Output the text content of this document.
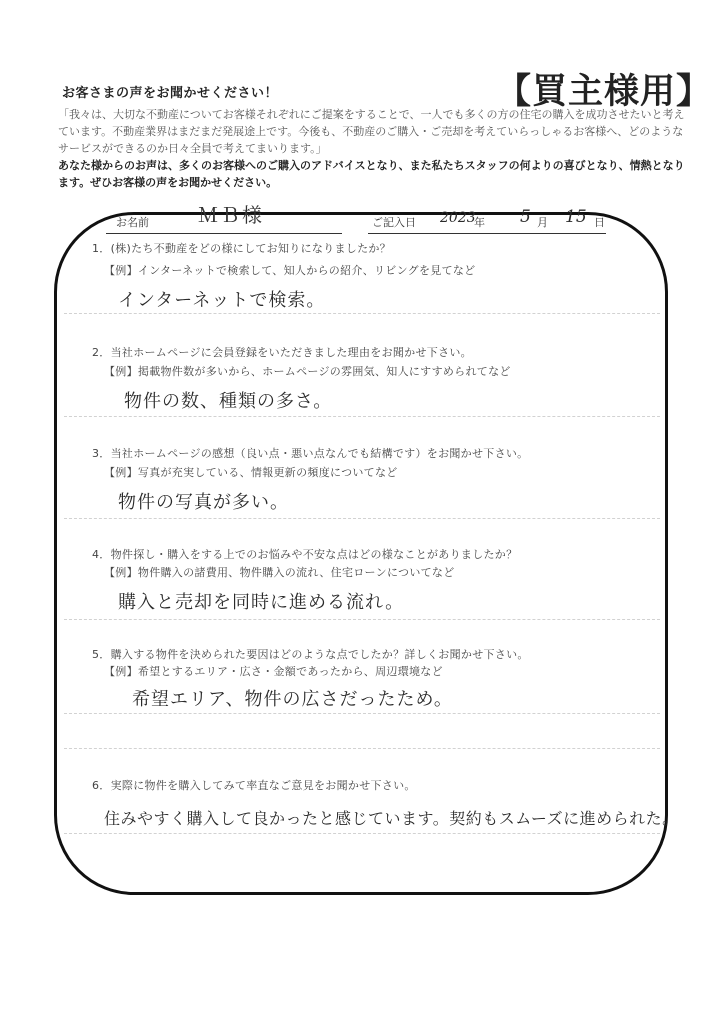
お客さまの声をお聞かせください！	【買主様用】
「我々は、大切な不動産についてお客様それぞれにご提案をすることで、一人でも多くの方の住宅の購入を成功させたいと考えています。不動産業界はまだまだ発展途上です。今後も、不動産のご購入・ご売却を考えていらっしゃるお客様へ、どのようなサービスができるのか日々全員で考えてまいります。」
あなた様からのお声は、多くのお客様へのご購入のアドバイスとなり、また私たちスタッフの何よりの喜びとなり、情熱となります。ぜひお客様の声をお聞かせください。
お名前 ＭＢ様	ご記入日 2023
年 5 月 15 日
1．(株)たち不動産をどの様にしてお知りになりましたか？
【例】インターネットで検索して、知人からの紹介、リビングを見てなど
インターネットで検索。
2．当社ホームページに会員登録をいただきました理由をお聞かせ下さい。
【例】掲載物件数が多いから、ホームページの雰囲気、知人にすすめられてなど
物件の数、種類の多さ。
3．当社ホームページの感想（良い点・悪い点なんでも結構です）をお聞かせ下さい。
【例】写真が充実している、情報更新の頻度についてなど
物件の写真が多い。
4．物件探し・購入をする上でのお悩みや不安な点はどの様なことがありましたか？
【例】物件購入の諸費用、物件購入の流れ、住宅ローンについてなど
購入と売却を同時に進める流れ。
5．購入する物件を決められた要因はどのような点でしたか？詳しくお聞かせ下さい。
【例】希望とするエリア・広さ・金額であったから、周辺環境など
希望エリア、物件の広さだったため。
6．実際に物件を購入してみて率直なご意見をお聞かせ下さい。
住みやすく購入して良かったと感じています。契約もスムーズに進められた。
